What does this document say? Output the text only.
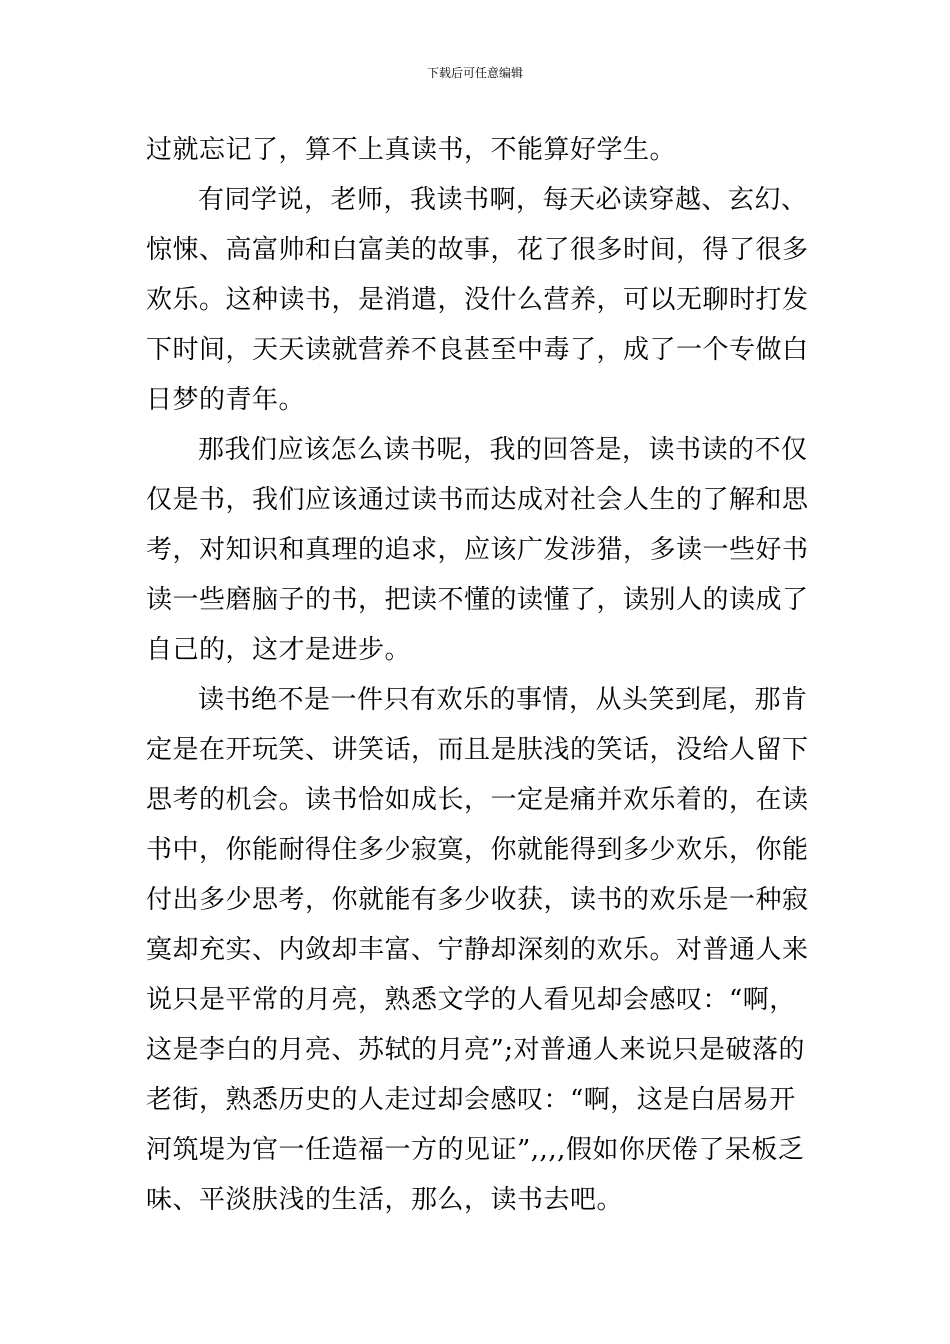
下载后可任意编辑
过就忘记了，算不上真读书，不能算好学生。
有同学说，老师，我读书啊，每天必读穿越、玄幻、
惊悚、高富帅和白富美的故事，花了很多时间，得了很多
欢乐。这种读书，是消遣，没什么营养，可以无聊时打发
下时间，天天读就营养不良甚至中毒了，成了一个专做白
日梦的青年。
那我们应该怎么读书呢，我的回答是，读书读的不仅
仅是书，我们应该通过读书而达成对社会人生的了解和思
考，对知识和真理的追求，应该广发涉猎，多读一些好书
读一些磨脑子的书，把读不懂的读懂了，读别人的读成了
自己的，这才是进步。
读书绝不是一件只有欢乐的事情，从头笑到尾，那肯
定是在开玩笑、讲笑话，而且是肤浅的笑话，没给人留下
思考的机会。读书恰如成长，一定是痛并欢乐着的，在读
书中，你能耐得住多少寂寞，你就能得到多少欢乐，你能
付出多少思考，你就能有多少收获，读书的欢乐是一种寂
寞却充实、内敛却丰富、宁静却深刻的欢乐。对普通人来
说只是平常的月亮，熟悉文学的人看见却会感叹：“啊，
这是李白的月亮、苏轼的月亮”;对普通人来说只是破落的
老街，熟悉历史的人走过却会感叹：“啊，这是白居易开
河筑堤为官一任造福一方的见证”,,,,假如你厌倦了呆板乏
味、平淡肤浅的生活，那么，读书去吧。
